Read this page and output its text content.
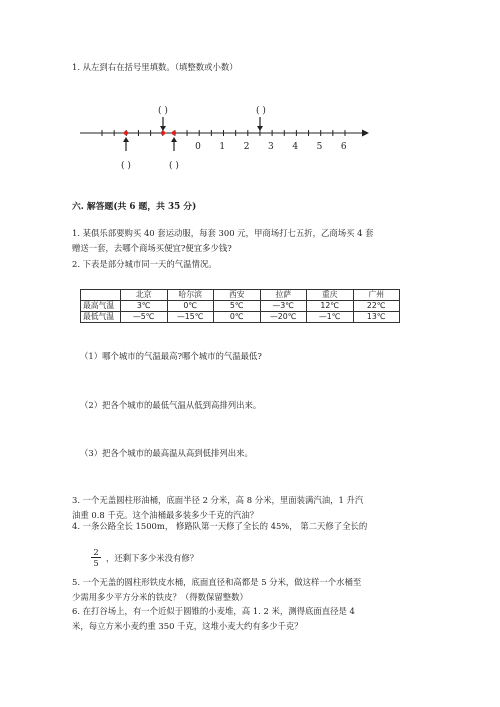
1. 从左到右在括号里填数。（填整数或小数）
0 1 2 3 4 5 6
( )	( )
( )	( )
六. 解答题(共 6 题，共 35 分)
1. 某俱乐部要购买 40 套运动服，每套 300 元，甲商场打七五折，乙商场买 4 套
赠送一套，去哪个商场买便宜?便宜多少钱?
2. 下表是部分城市同一天的气温情况。
	北京	哈尔滨	西安	拉萨	重庆	广州
最高气温	3℃	0℃	5℃	—3℃	12℃	22℃
最低气温	—5℃	—15℃	0℃	—20℃	—1℃	13℃
（1）哪个城市的气温最高?哪个城市的气温最低?
（2）把各个城市的最低气温从低到高排列出来。
（3）把各个城市的最高温从高到低排列出来。
3. 一个无盖圆柱形油桶，底面半径 2 分米，高 8 分米，里面装满汽油，1 升汽
油重 0.8 千克。这个油桶最多装多少千克的汽油？
4. 一条公路全长 1500m， 修路队第一天修了全长的 45%， 第二天修了全长的
2
5
，还剩下多少米没有修？
5. 一个无盖的圆柱形铁皮水桶，底面直径和高都是 5 分米，做这样一个水桶至
少需用多少平方分米的铁皮？（得数保留整数）
6. 在打谷场上，有一个近似于圆锥的小麦堆，高 1. 2 米，测得底面直径是 4
米，每立方米小麦约重 350 千克，这堆小麦大约有多少千克？
